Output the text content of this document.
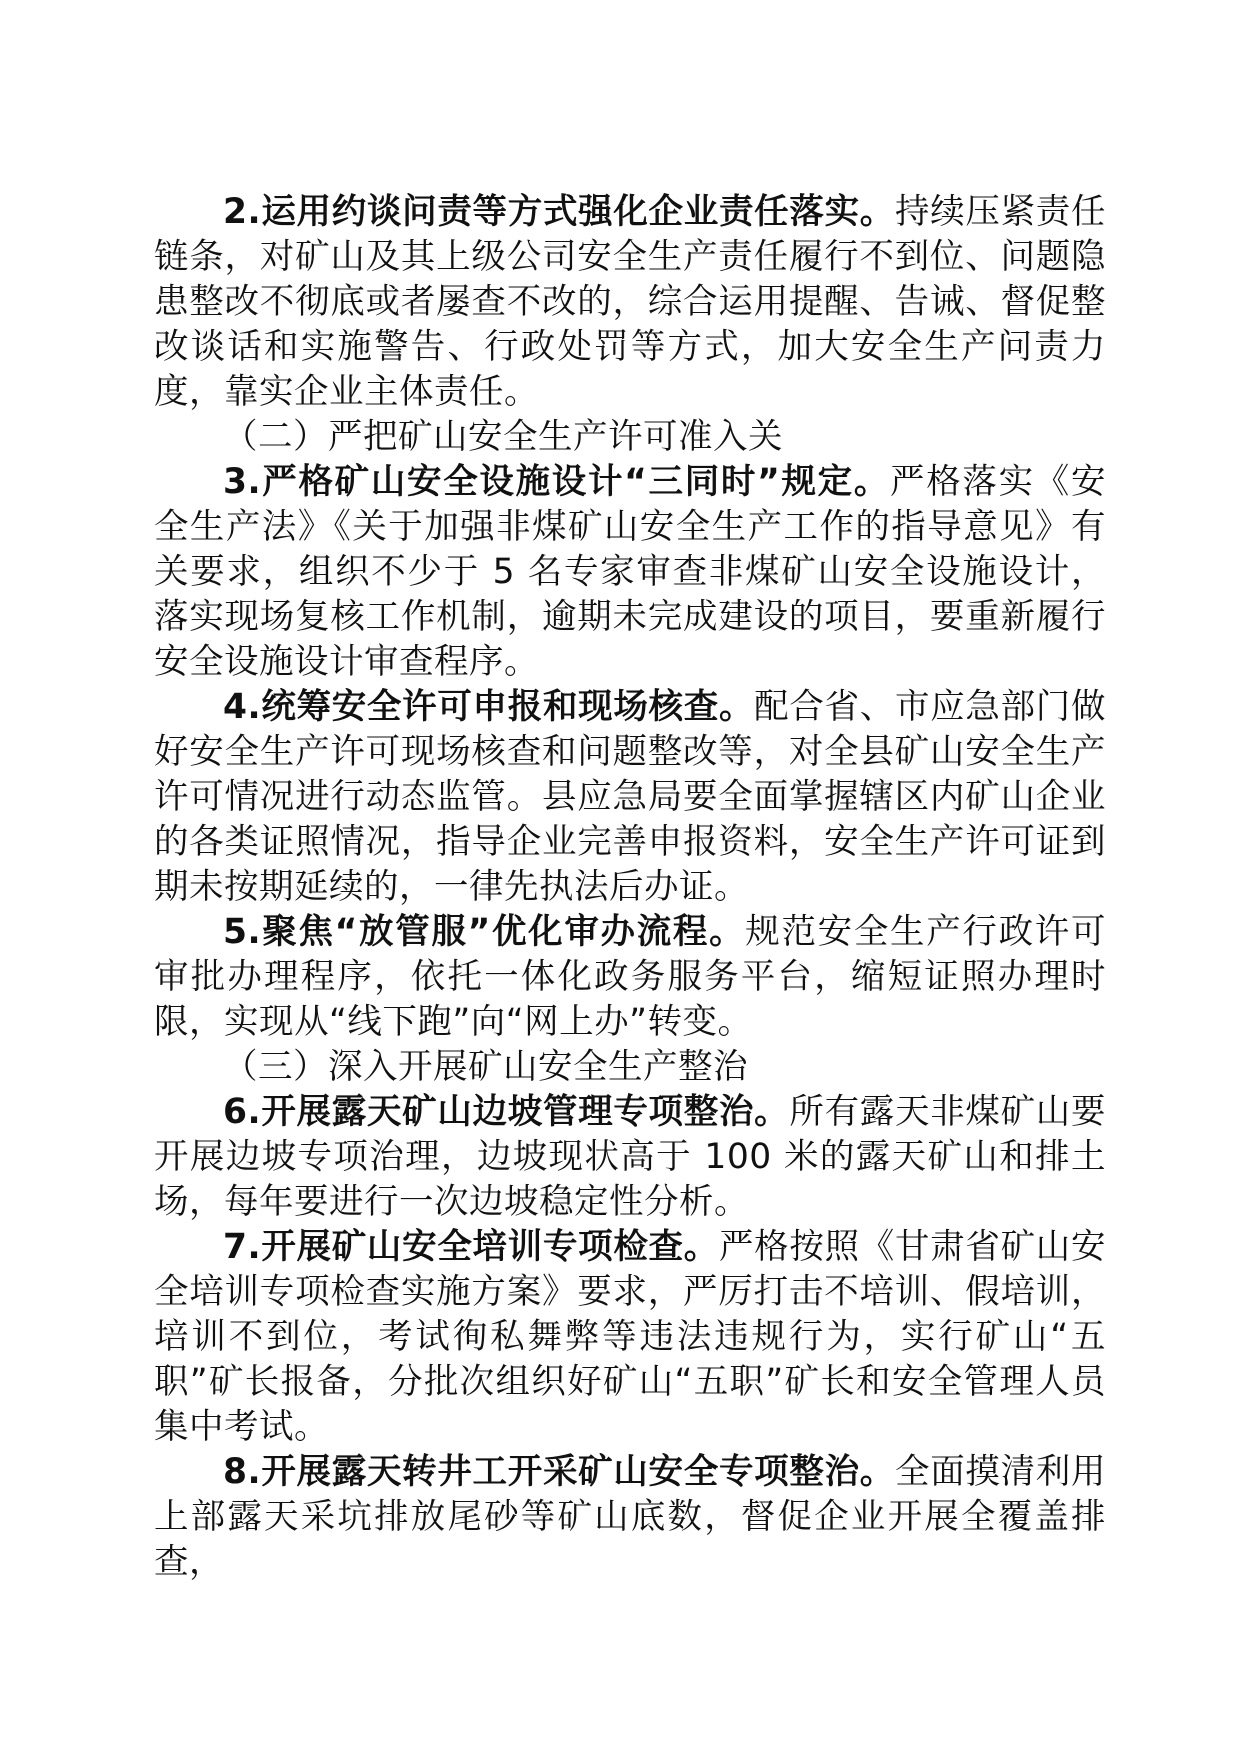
2.运用约谈问责等方式强化企业责任落实。持续压紧责任链条，对矿山及其上级公司安全生产责任履行不到位、问题隐患整改不彻底或者屡查不改的，综合运用提醒、告诫、督促整改谈话和实施警告、行政处罚等方式，加大安全生产问责力度，靠实企业主体责任。

（二）严把矿山安全生产许可准入关

3.严格矿山安全设施设计“三同时”规定。严格落实《安全生产法》《关于加强非煤矿山安全生产工作的指导意见》有关要求，组织不少于 5 名专家审查非煤矿山安全设施设计，落实现场复核工作机制，逾期未完成建设的项目，要重新履行安全设施设计审查程序。

4.统筹安全许可申报和现场核查。配合省、市应急部门做好安全生产许可现场核查和问题整改等，对全县矿山安全生产许可情况进行动态监管。县应急局要全面掌握辖区内矿山企业的各类证照情况，指导企业完善申报资料，安全生产许可证到期未按期延续的，一律先执法后办证。

5.聚焦“放管服”优化审办流程。规范安全生产行政许可审批办理程序，依托一体化政务服务平台，缩短证照办理时限，实现从“线下跑”向“网上办”转变。

（三）深入开展矿山安全生产整治

6.开展露天矿山边坡管理专项整治。所有露天非煤矿山要开展边坡专项治理，边坡现状高于 100 米的露天矿山和排土场，每年要进行一次边坡稳定性分析。

7.开展矿山安全培训专项检查。严格按照《甘肃省矿山安全培训专项检查实施方案》要求，严厉打击不培训、假培训，培训不到位，考试徇私舞弊等违法违规行为，实行矿山“五职”矿长报备，分批次组织好矿山“五职”矿长和安全管理人员集中考试。

8.开展露天转井工开采矿山安全专项整治。全面摸清利用上部露天采坑排放尾砂等矿山底数，督促企业开展全覆盖排查，
